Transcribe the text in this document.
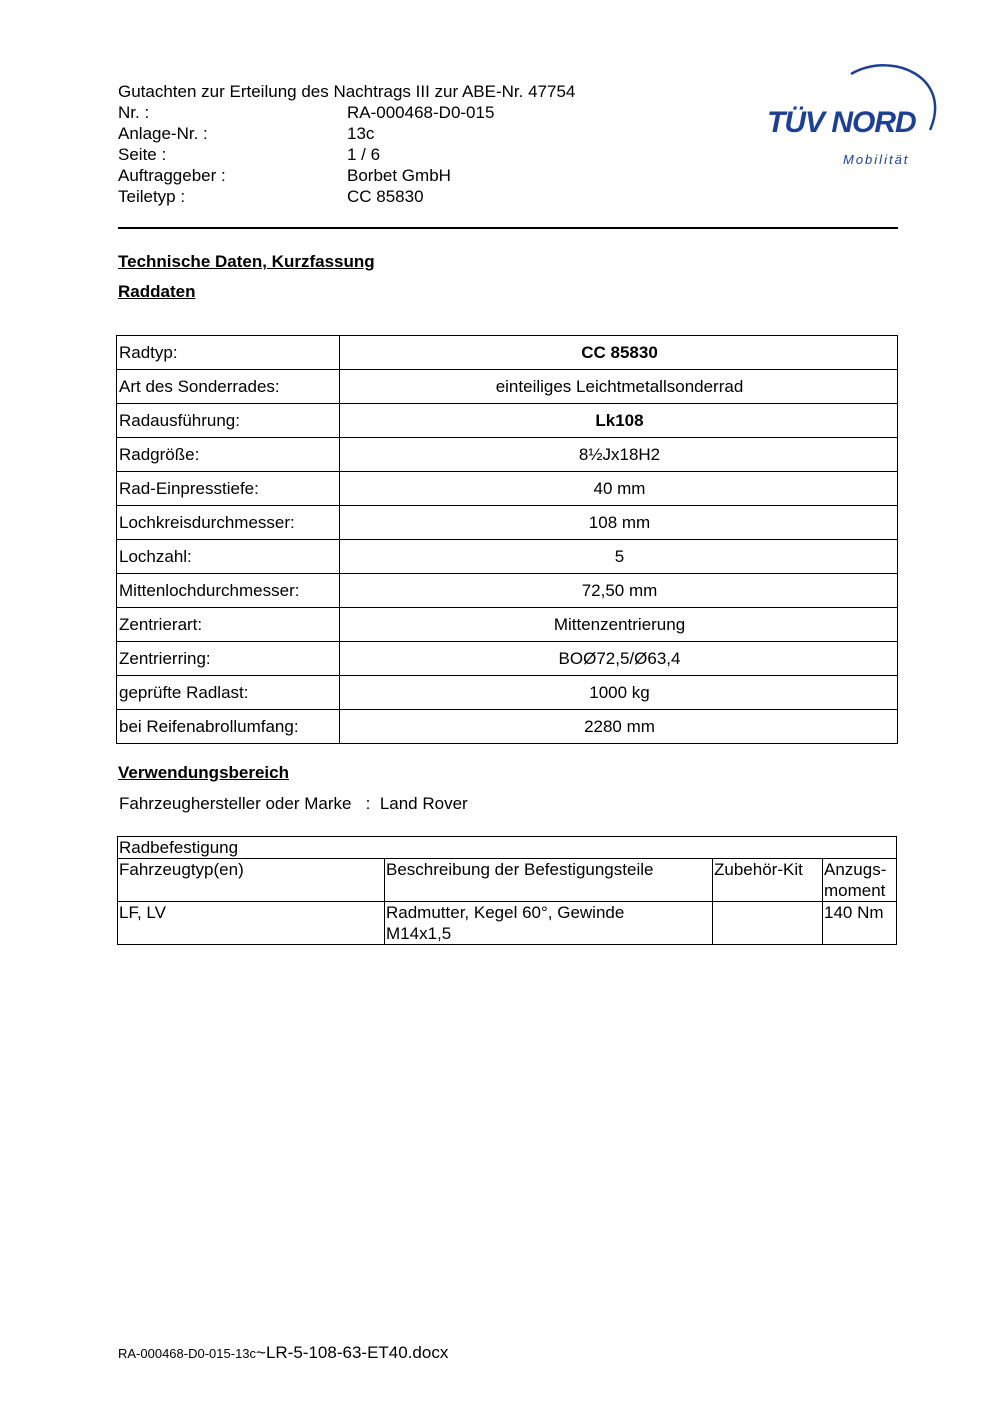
Gutachten zur Erteilung des Nachtrags III zur ABE-Nr. 47754
Nr. :	RA-000468-D0-015
Anlage-Nr. :	13c
Seite :	1 / 6
Auftraggeber :	Borbet GmbH
Teiletyp :	CC 85830
TÜV NORD
Mobilität
Technische Daten, Kurzfassung
Raddaten
Radtyp:	CC 85830
Art des Sonderrades:	einteiliges Leichtmetallsonderrad
Radausführung:	Lk108
Radgröße:	8½Jx18H2
Rad-Einpresstiefe:	40 mm
Lochkreisdurchmesser:	108 mm
Lochzahl:	5
Mittenlochdurchmesser:	72,50 mm
Zentrierart:	Mittenzentrierung
Zentrierring:	BOØ72,5/Ø63,4
geprüfte Radlast:	1000 kg
bei Reifenabrollumfang:	2280 mm
Verwendungsbereich
Fahrzeughersteller oder Marke : Land Rover
Radbefestigung			
Fahrzeugtyp(en)	Beschreibung der Befestigungsteile	Zubehör-Kit	Anzugs-
moment

LF, LV	Radmutter, Kegel 60°, Gewinde
M14x1,5		140 Nm
RA-000468-D0-015-13c~LR-5-108-63-ET40.docx
